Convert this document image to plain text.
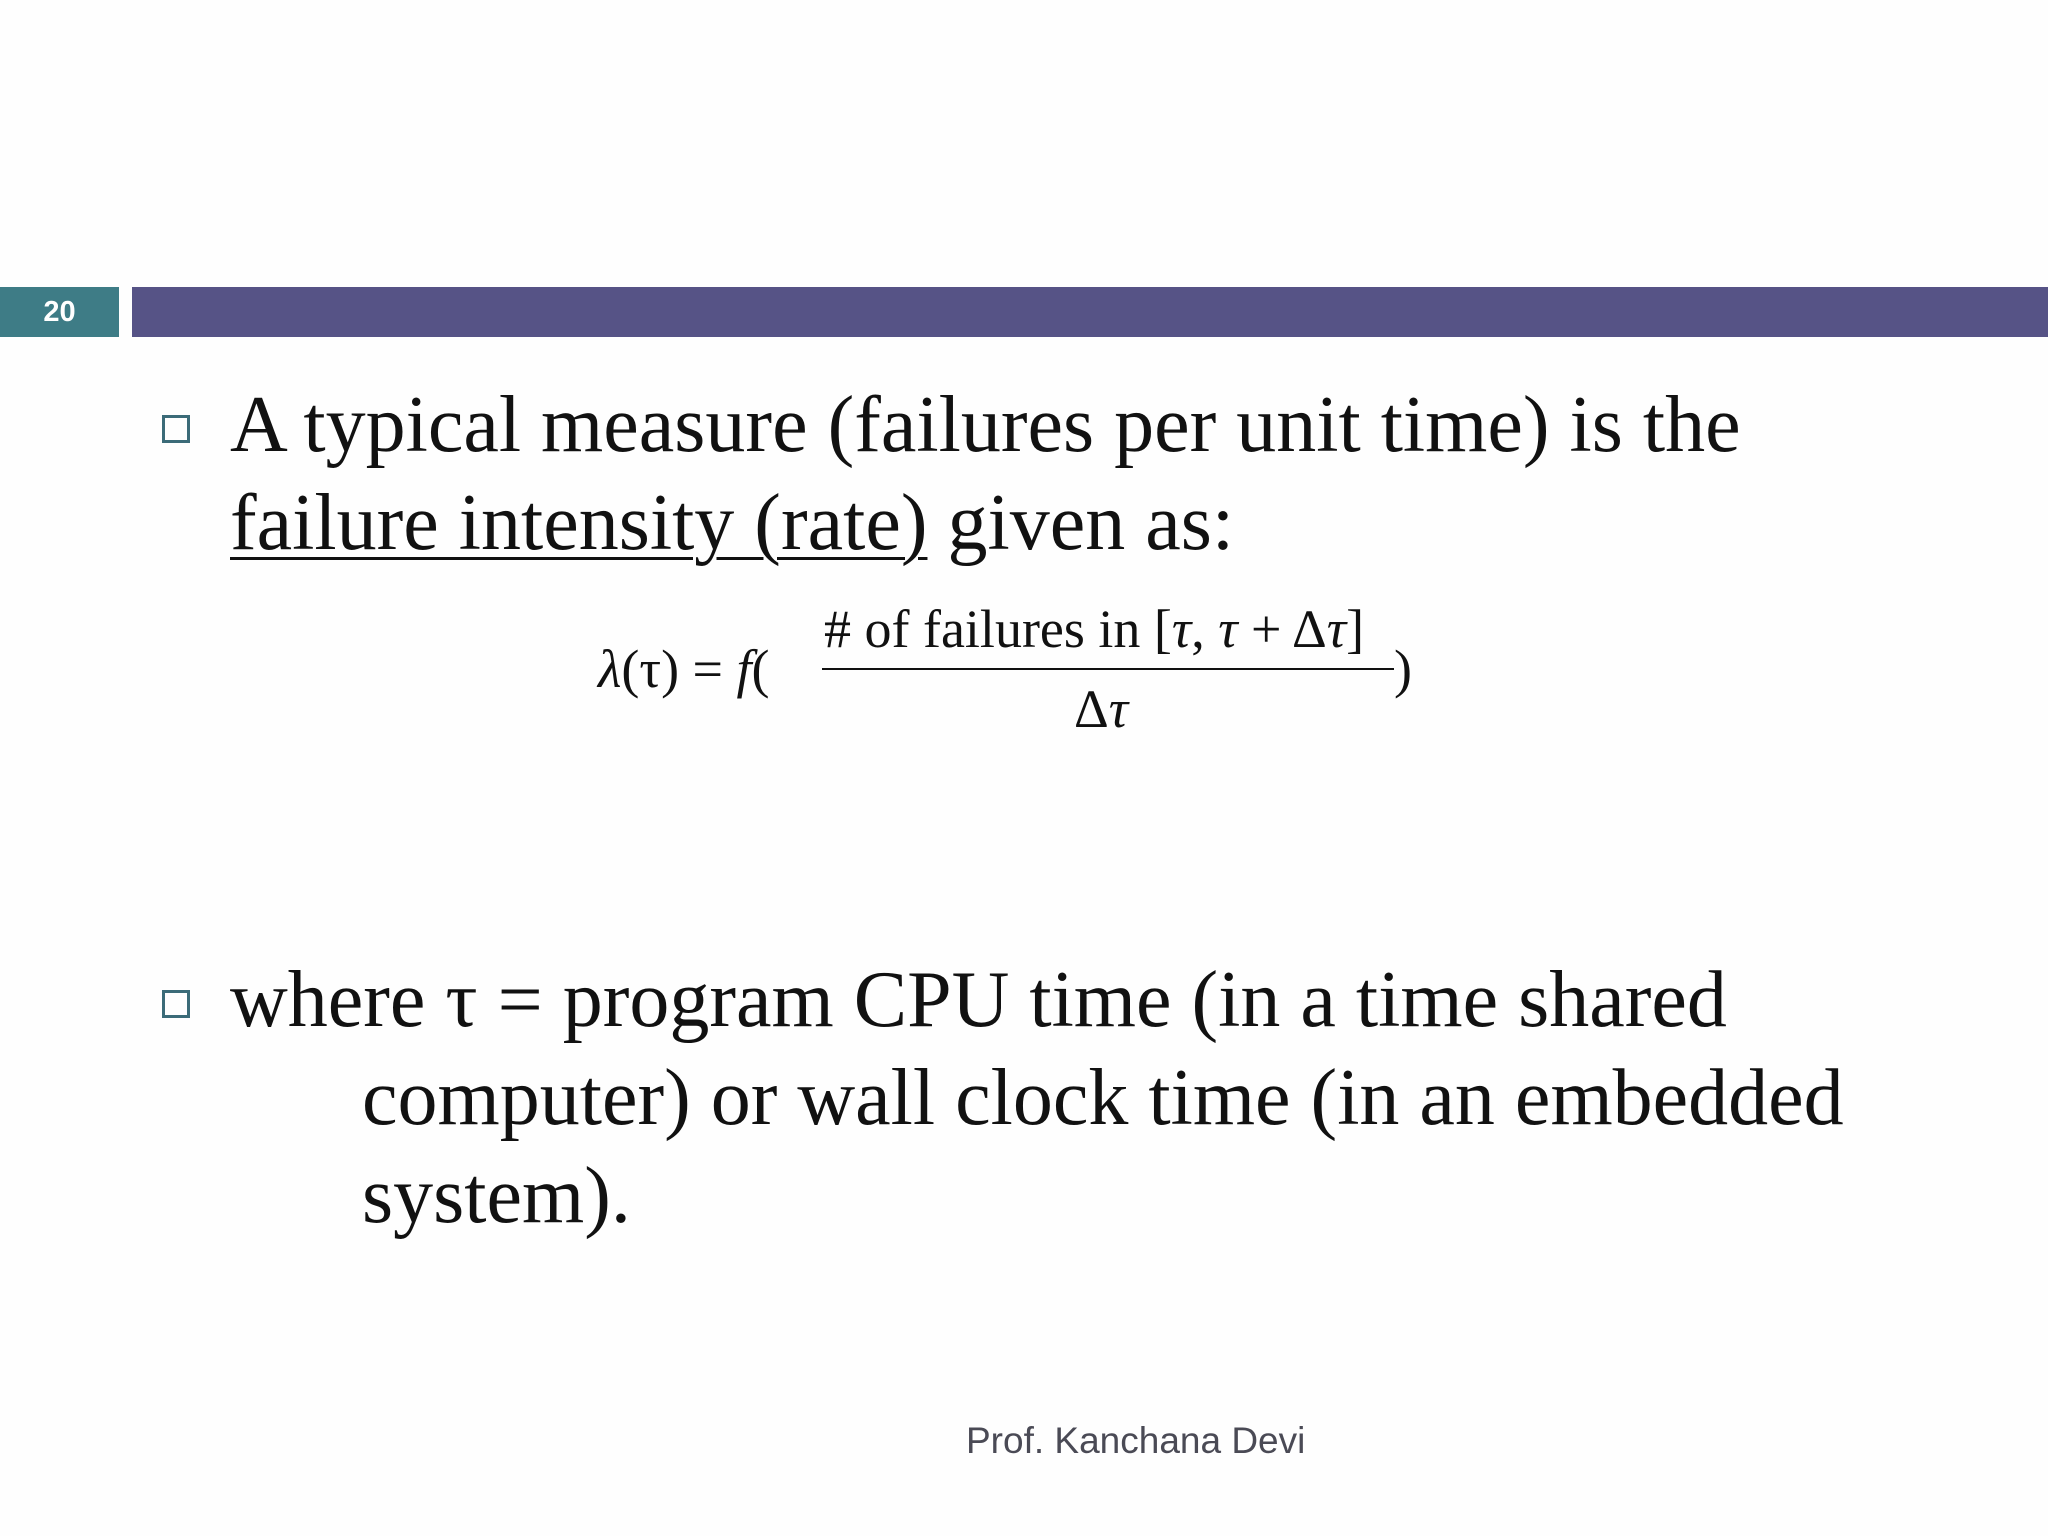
20
A typical measure (failures per unit time) is the
failure intensity (rate) given as:
λ(τ) = f(
# of failures in [τ, τ + Δτ]
Δτ
)
where τ = program CPU time (in a time shared
computer) or wall clock time (in an embedded
system).
Prof. Kanchana Devi
